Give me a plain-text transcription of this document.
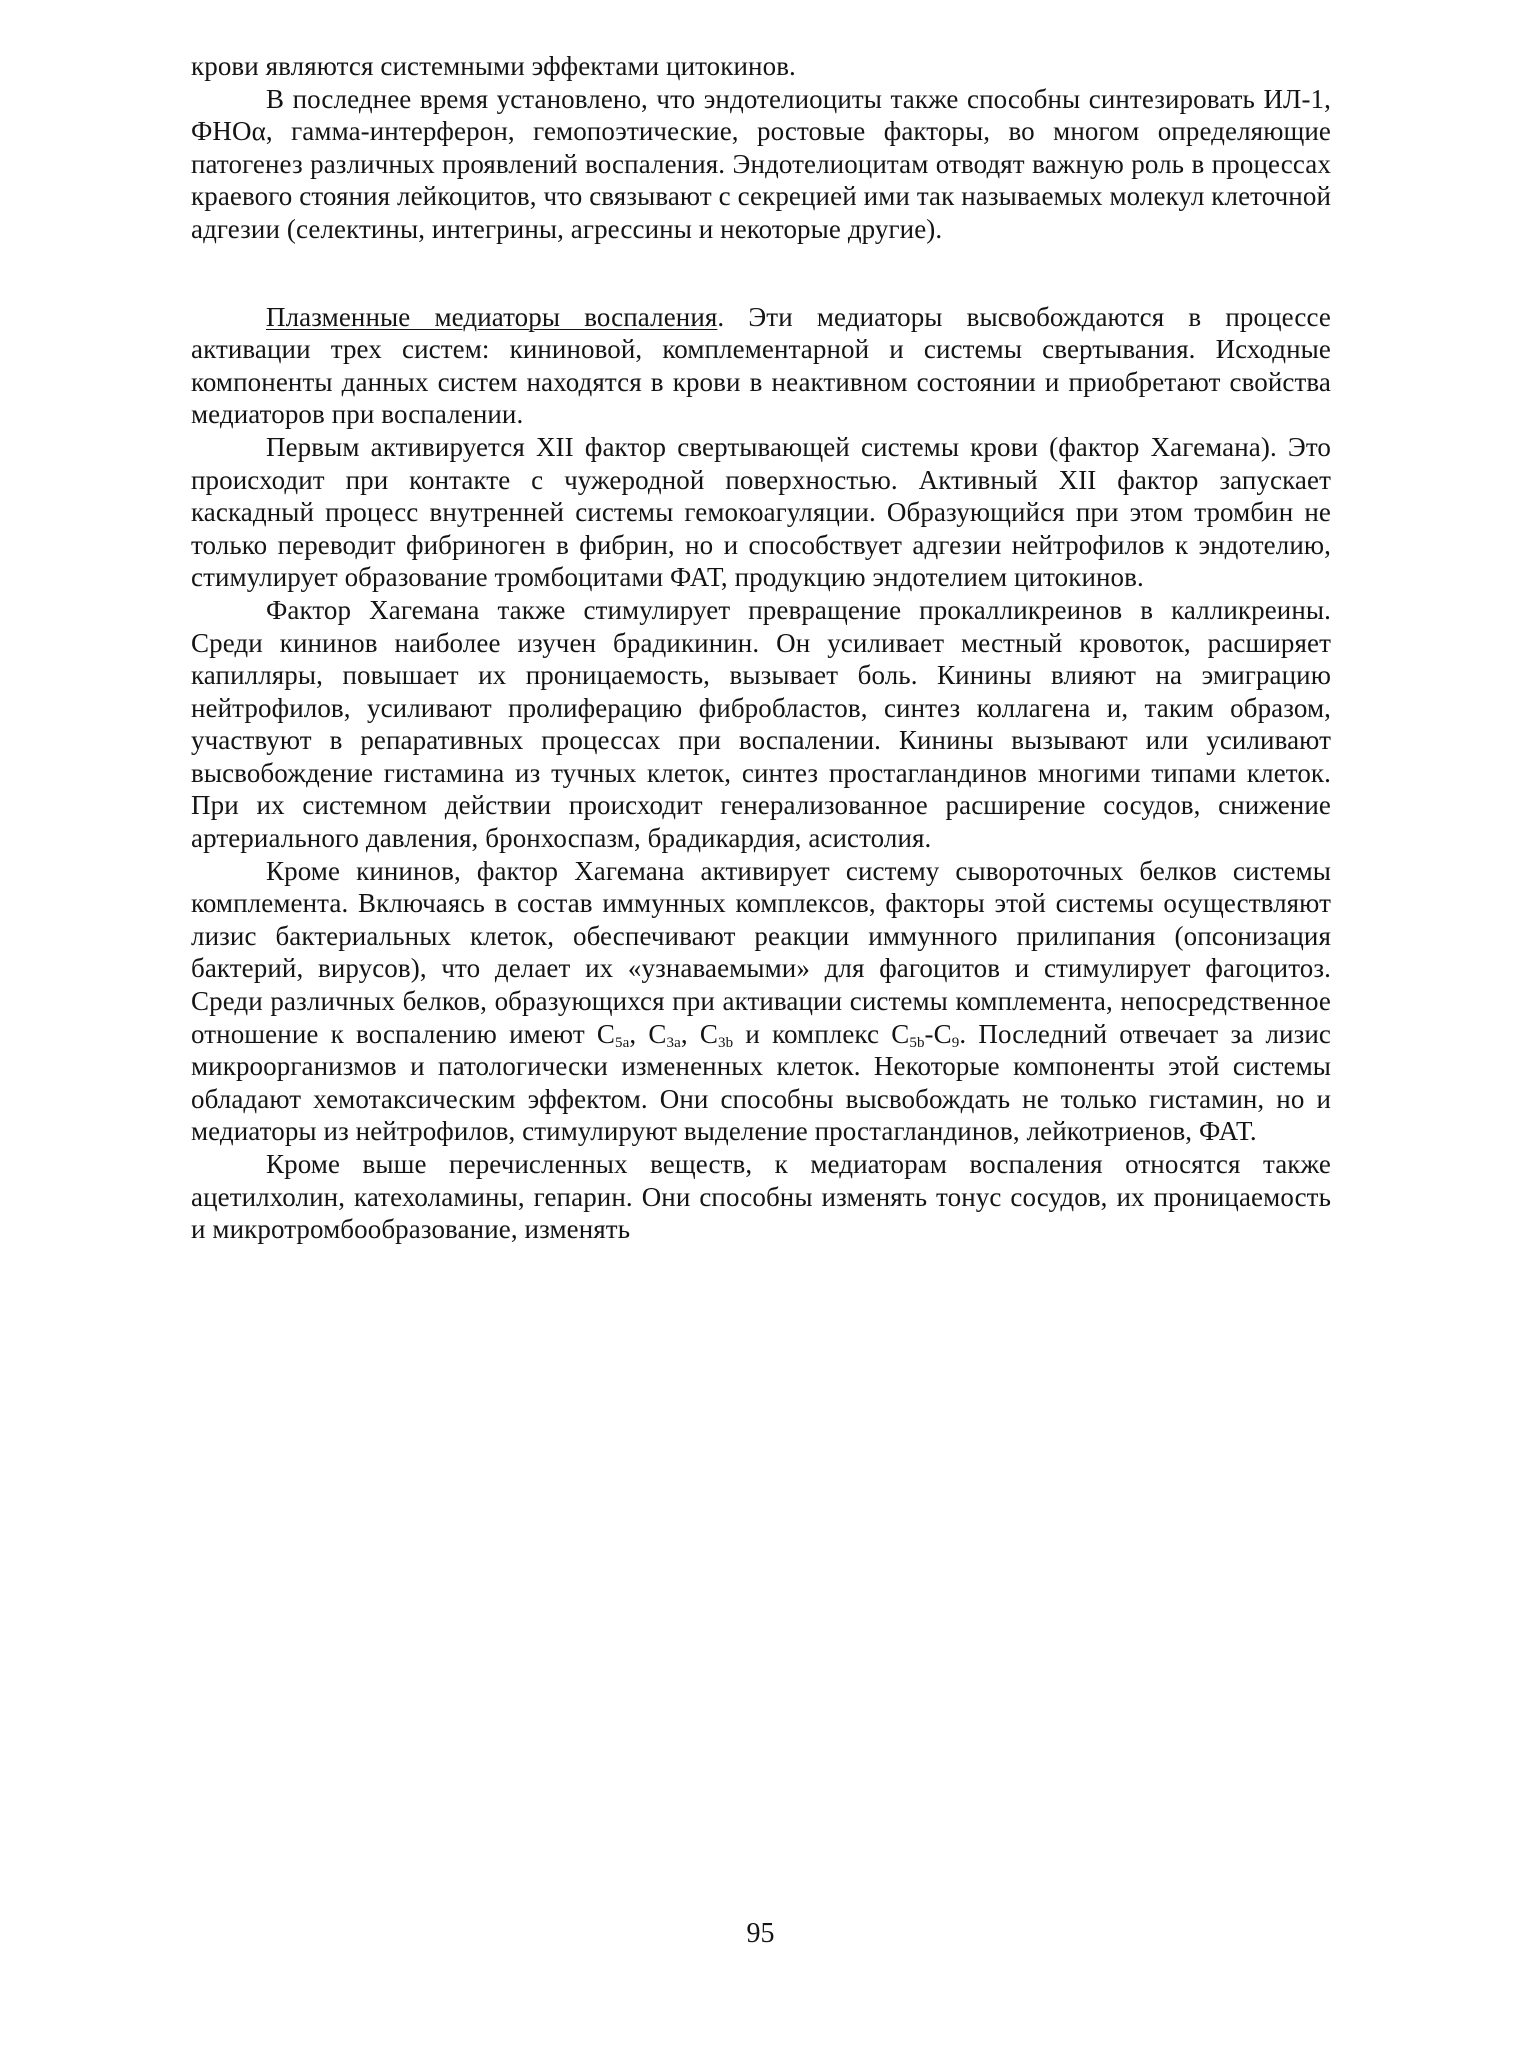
крови являются системными эффектами цитокинов.

В последнее время установлено, что эндотелиоциты также способны синтезировать ИЛ-1, ФНОα, гамма-интерферон, гемопоэтические, ростовые факторы, во многом определяющие патогенез различных проявлений воспаления. Эндотелиоцитам отводят важную роль в процессах краевого стояния лейкоцитов, что связывают с секрецией ими так называемых молекул клеточной адгезии (селектины, интегрины, агрессины и некоторые другие).

Плазменные медиаторы воспаления. Эти медиаторы высвобождаются в процессе активации трех систем: кининовой, комплементарной и системы свертывания. Исходные компоненты данных систем находятся в крови в неактивном состоянии и приобретают свойства медиаторов при воспалении.

Первым активируется XII фактор свертывающей системы крови (фактор Хагемана). Это происходит при контакте с чужеродной поверхностью. Активный XII фактор запускает каскадный процесс внутренней системы гемокоагуляции. Образующийся при этом тромбин не только переводит фибриноген в фибрин, но и способствует адгезии нейтрофилов к эндотелию, стимулирует образование тромбоцитами ФАТ, продукцию эндотелием цитокинов.

Фактор Хагемана также стимулирует превращение прокалликреинов в калликреины. Среди кининов наиболее изучен брадикинин. Он усиливает местный кровоток, расширяет капилляры, повышает их проницаемость, вызывает боль. Кинины влияют на эмиграцию нейтрофилов, усиливают пролиферацию фибробластов, синтез коллагена и, таким образом, участвуют в репаративных процессах при воспалении. Кинины вызывают или усиливают высвобождение гистамина из тучных клеток, синтез простагландинов многими типами клеток. При их системном действии происходит генерализованное расширение сосудов, снижение артериального давления, бронхоспазм, брадикардия, асистолия.

Кроме кининов, фактор Хагемана активирует систему сывороточных белков системы комплемента. Включаясь в состав иммунных комплексов, факторы этой системы осуществляют лизис бактериальных клеток, обеспечивают реакции иммунного прилипания (опсонизация бактерий, вирусов), что делает их «узнаваемыми» для фагоцитов и стимулирует фагоцитоз. Среди различных белков, образующихся при активации системы комплемента, непосредственное отношение к воспалению имеют $C_{5a}$, $C_{3a}$, $C_{3b}$ и комплекс $C_{5b}-C_9$. Последний отвечает за лизис микроорганизмов и патологически измененных клеток. Некоторые компоненты этой системы обладают хемотаксическим эффектом. Они способны высвобождать не только гистамин, но и медиаторы из нейтрофилов, стимулируют выделение простагландинов, лейкотриенов, ФАТ.

Кроме выше перечисленных веществ, к медиаторам воспаления относятся также ацетилхолин, катехоламины, гепарин. Они способны изменять тонус сосудов, их проницаемость и микротромбообразование, изменять

95
